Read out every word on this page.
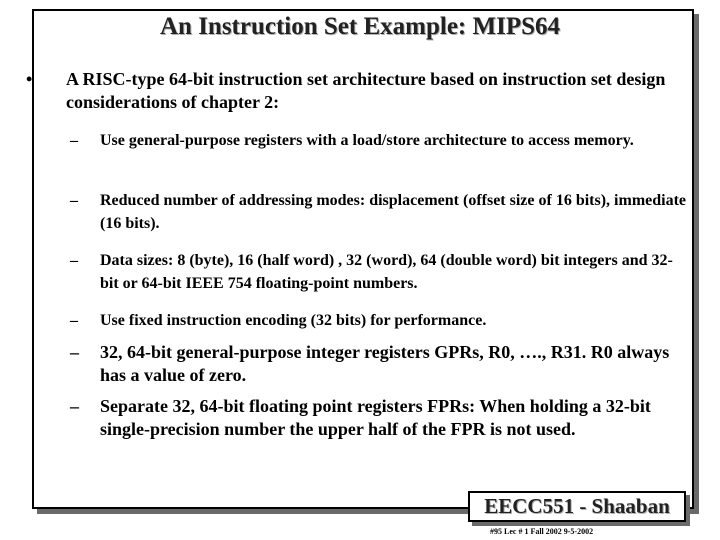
An Instruction Set Example: MIPS64
• A RISC-type 64-bit instruction set architecture based on instruction set design considerations of chapter 2:
– Use general-purpose registers with a load/store architecture to access memory.
– Reduced number of addressing modes: displacement (offset size of 16 bits), immediate (16 bits).
– Data sizes: 8 (byte), 16 (half word) , 32 (word), 64 (double word) bit integers and 32-bit or 64-bit IEEE 754 floating-point numbers.
– Use fixed instruction encoding (32 bits) for performance.
– 32, 64-bit general-purpose integer registers GPRs, R0, …., R31. R0 always has a value of zero.
– Separate 32, 64-bit floating point registers FPRs: When holding a 32-bit single-precision number the upper half of the FPR is not used.
EECC551 - Shaaban
#95 Lec # 1 Fall 2002 9-5-2002
